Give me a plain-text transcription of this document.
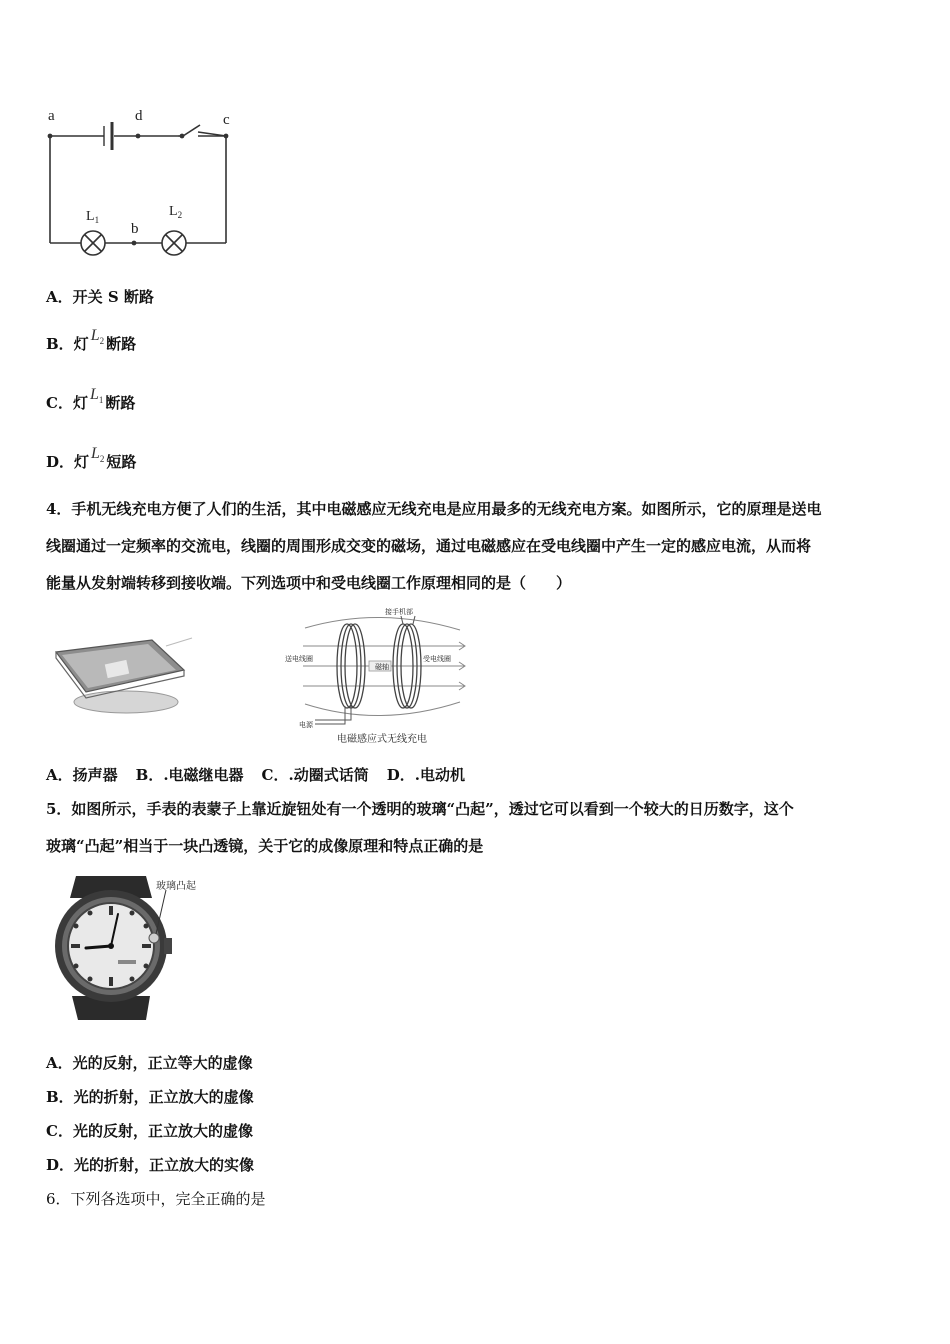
a	d	c
b
$L_1$
$L_2$
A．开关 S 断路
B．灯 $L_2$ 断路
C．灯 $L_1$ 断路
D．灯 $L_2$ 短路
4．手机无线充电方便了人们的生活，其中电磁感应无线充电是应用最多的无线充电方案。如图所示，它的原理是送电
线圈通过一定频率的交流电，线圈的周围形成交变的磁场，通过电磁感应在受电线圈中产生一定的感应电流，从而将
能量从发射端转移到接收端。下列选项中和受电线圈工作原理相同的是（　　）
磁轴
接手机部
送电线圈	受电线圈
电源
电磁感应式无线充电
A．扬声器 B．.电磁继电器 C．.动圈式话筒 D．.电动机
5．如图所示，手表的表蒙子上靠近旋钮处有一个透明的玻璃“凸起”，透过它可以看到一个较大的日历数字，这个
玻璃“凸起”相当于一块凸透镜，关于它的成像原理和特点正确的是
玻璃凸起
A．光的反射，正立等大的虚像
B．光的折射，正立放大的虚像
C．光的反射，正立放大的虚像
D．光的折射，正立放大的实像
6．下列各选项中，完全正确的是
